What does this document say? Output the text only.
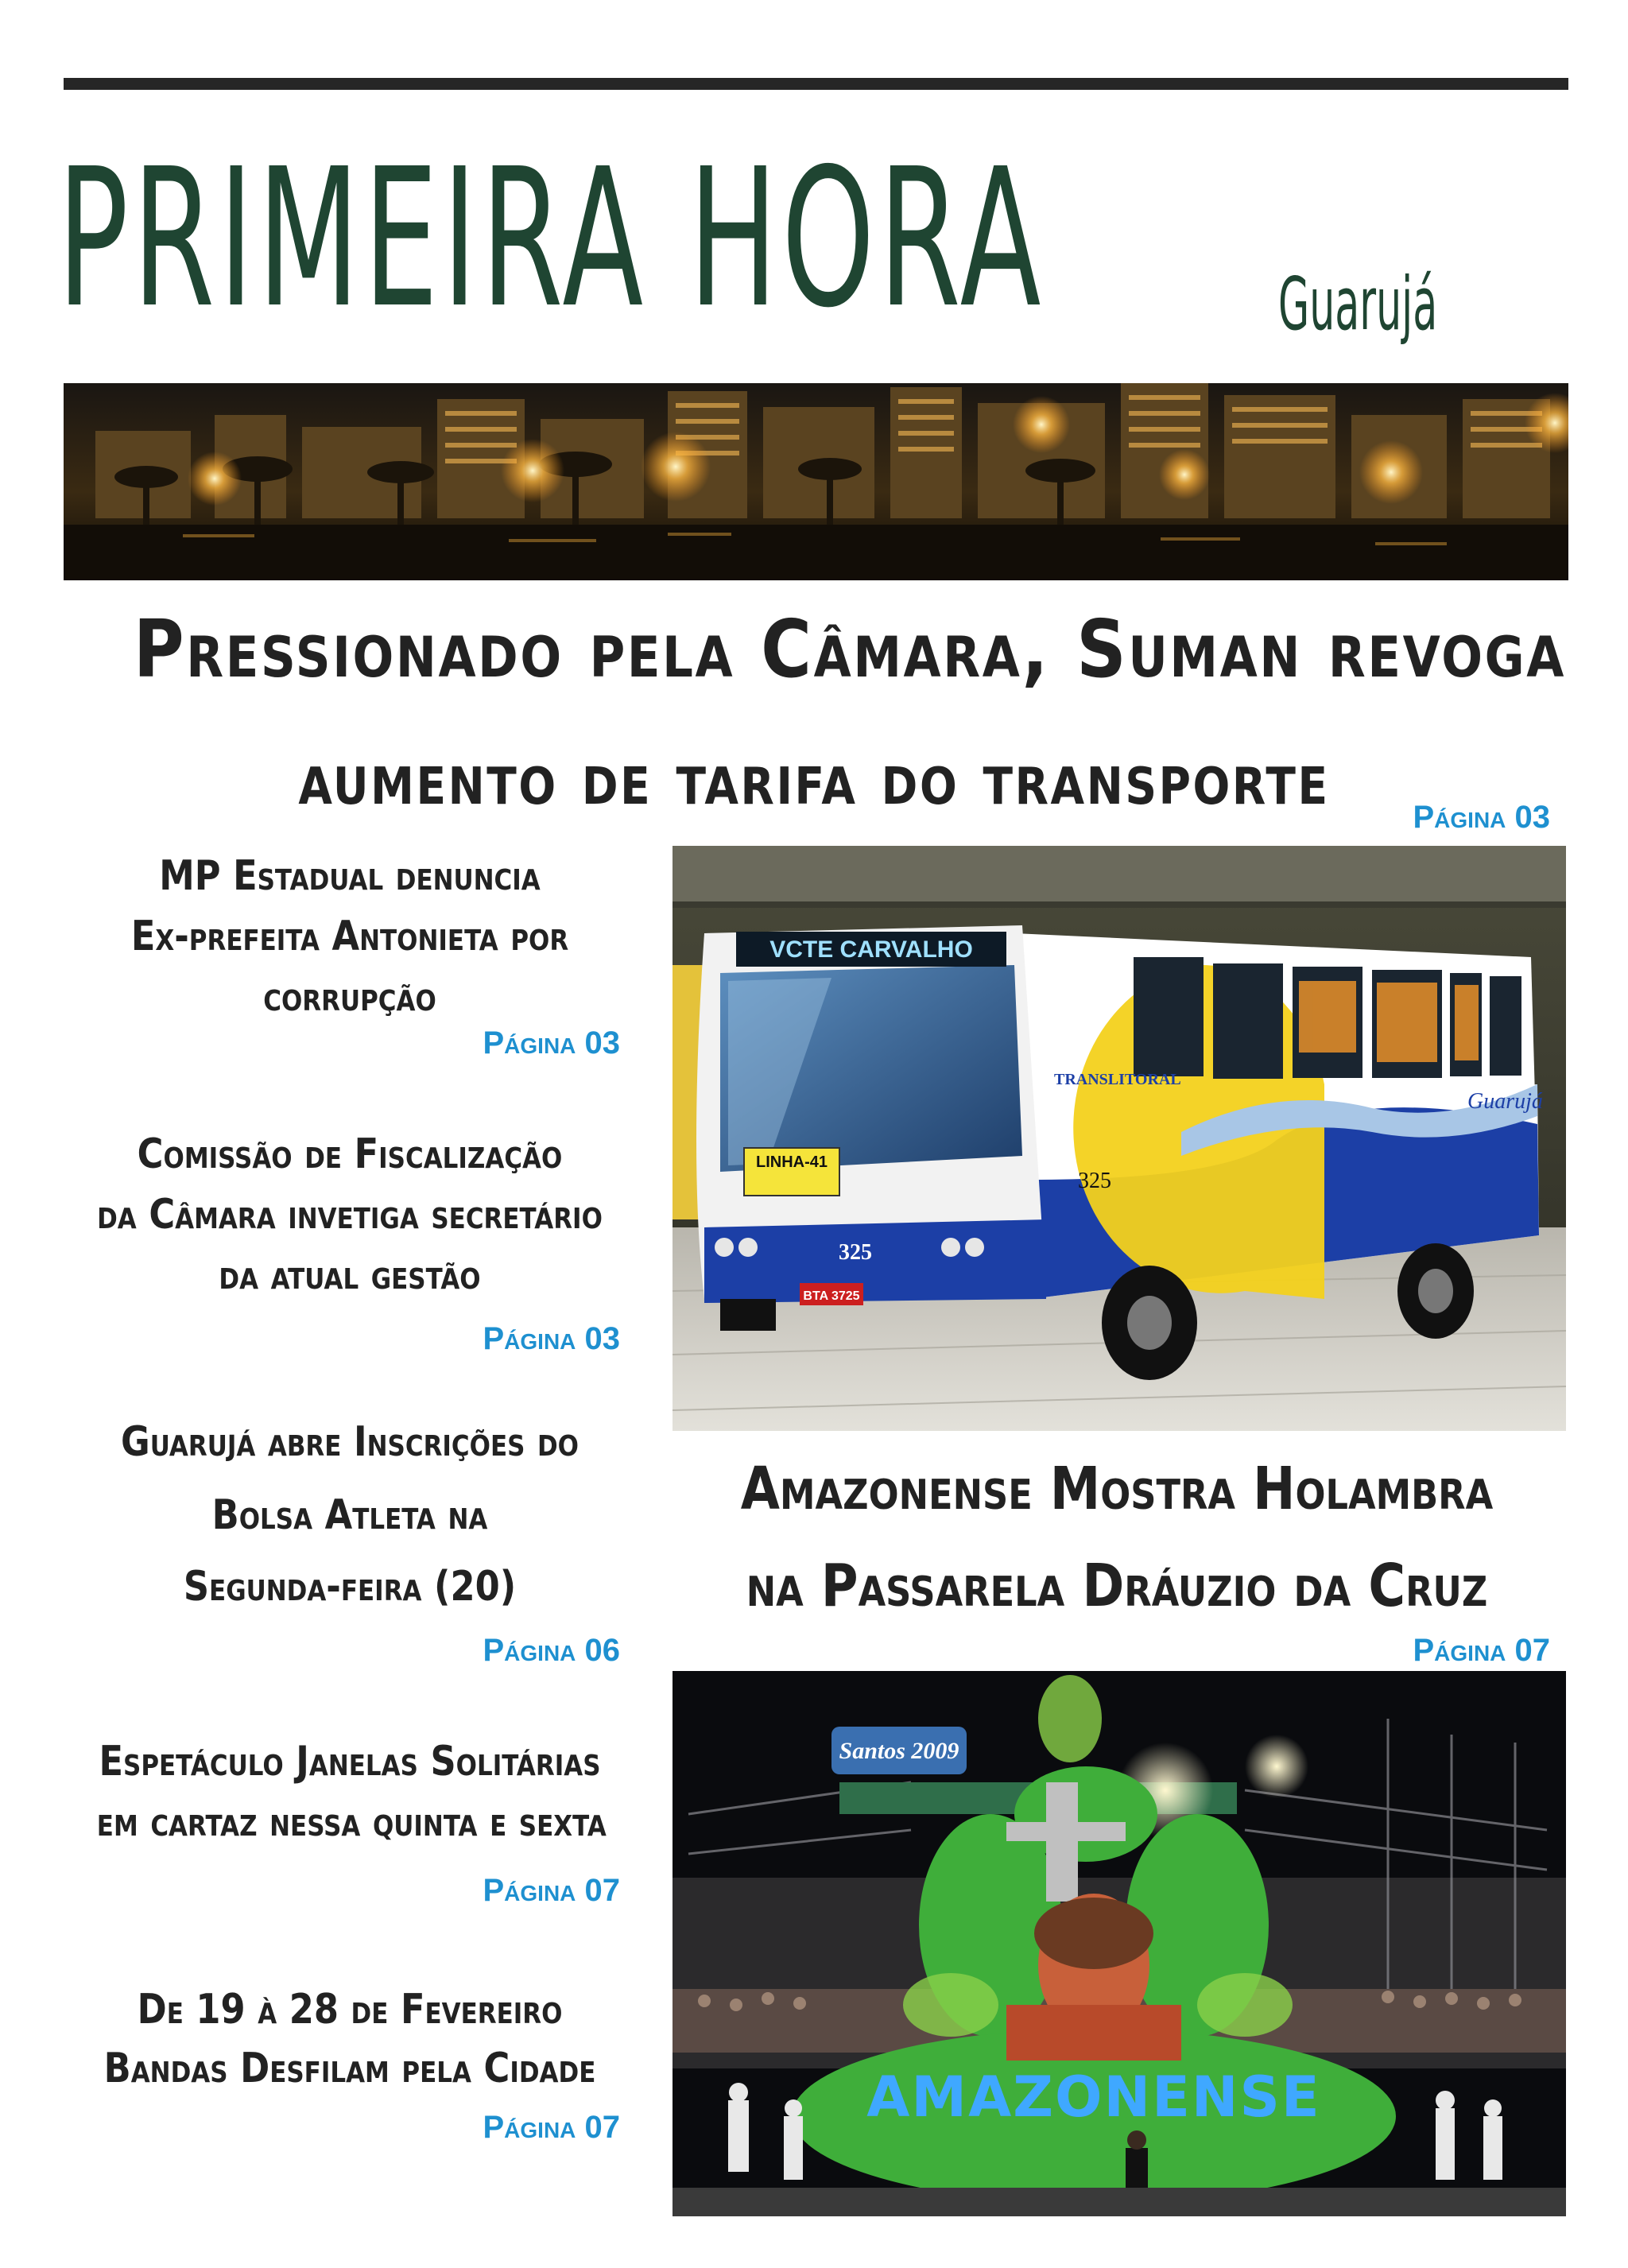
PRIMEIRA HORA	Guarujá
Pressionado pela Câmara, Suman revoga
aumento de tarifa do transporte	Página 03
MP Estadual denuncia
Ex-prefeita Antonieta por
corrupção
Página 03
Comissão de Fiscalização
da Câmara invetiga secretário
da atual gestão
Página 03
Guarujá abre Inscrições do
Bolsa Atleta na
Segunda-feira (20)
Página 06
Espetáculo Janelas Solitárias
em cartaz nessa quinta e sexta
Página 07
De 19 à 28 de Fevereiro
Bandas Desfilam pela Cidade
Página 07
VCTE CARVALHO
LINHA-41
TRANSLITORAL
Guarujá
325
325
BTA 3725
Amazonense Mostra Holambra
na Passarela Dráuzio da Cruz
Página 07
Santos 2009
AMAZONENSE
